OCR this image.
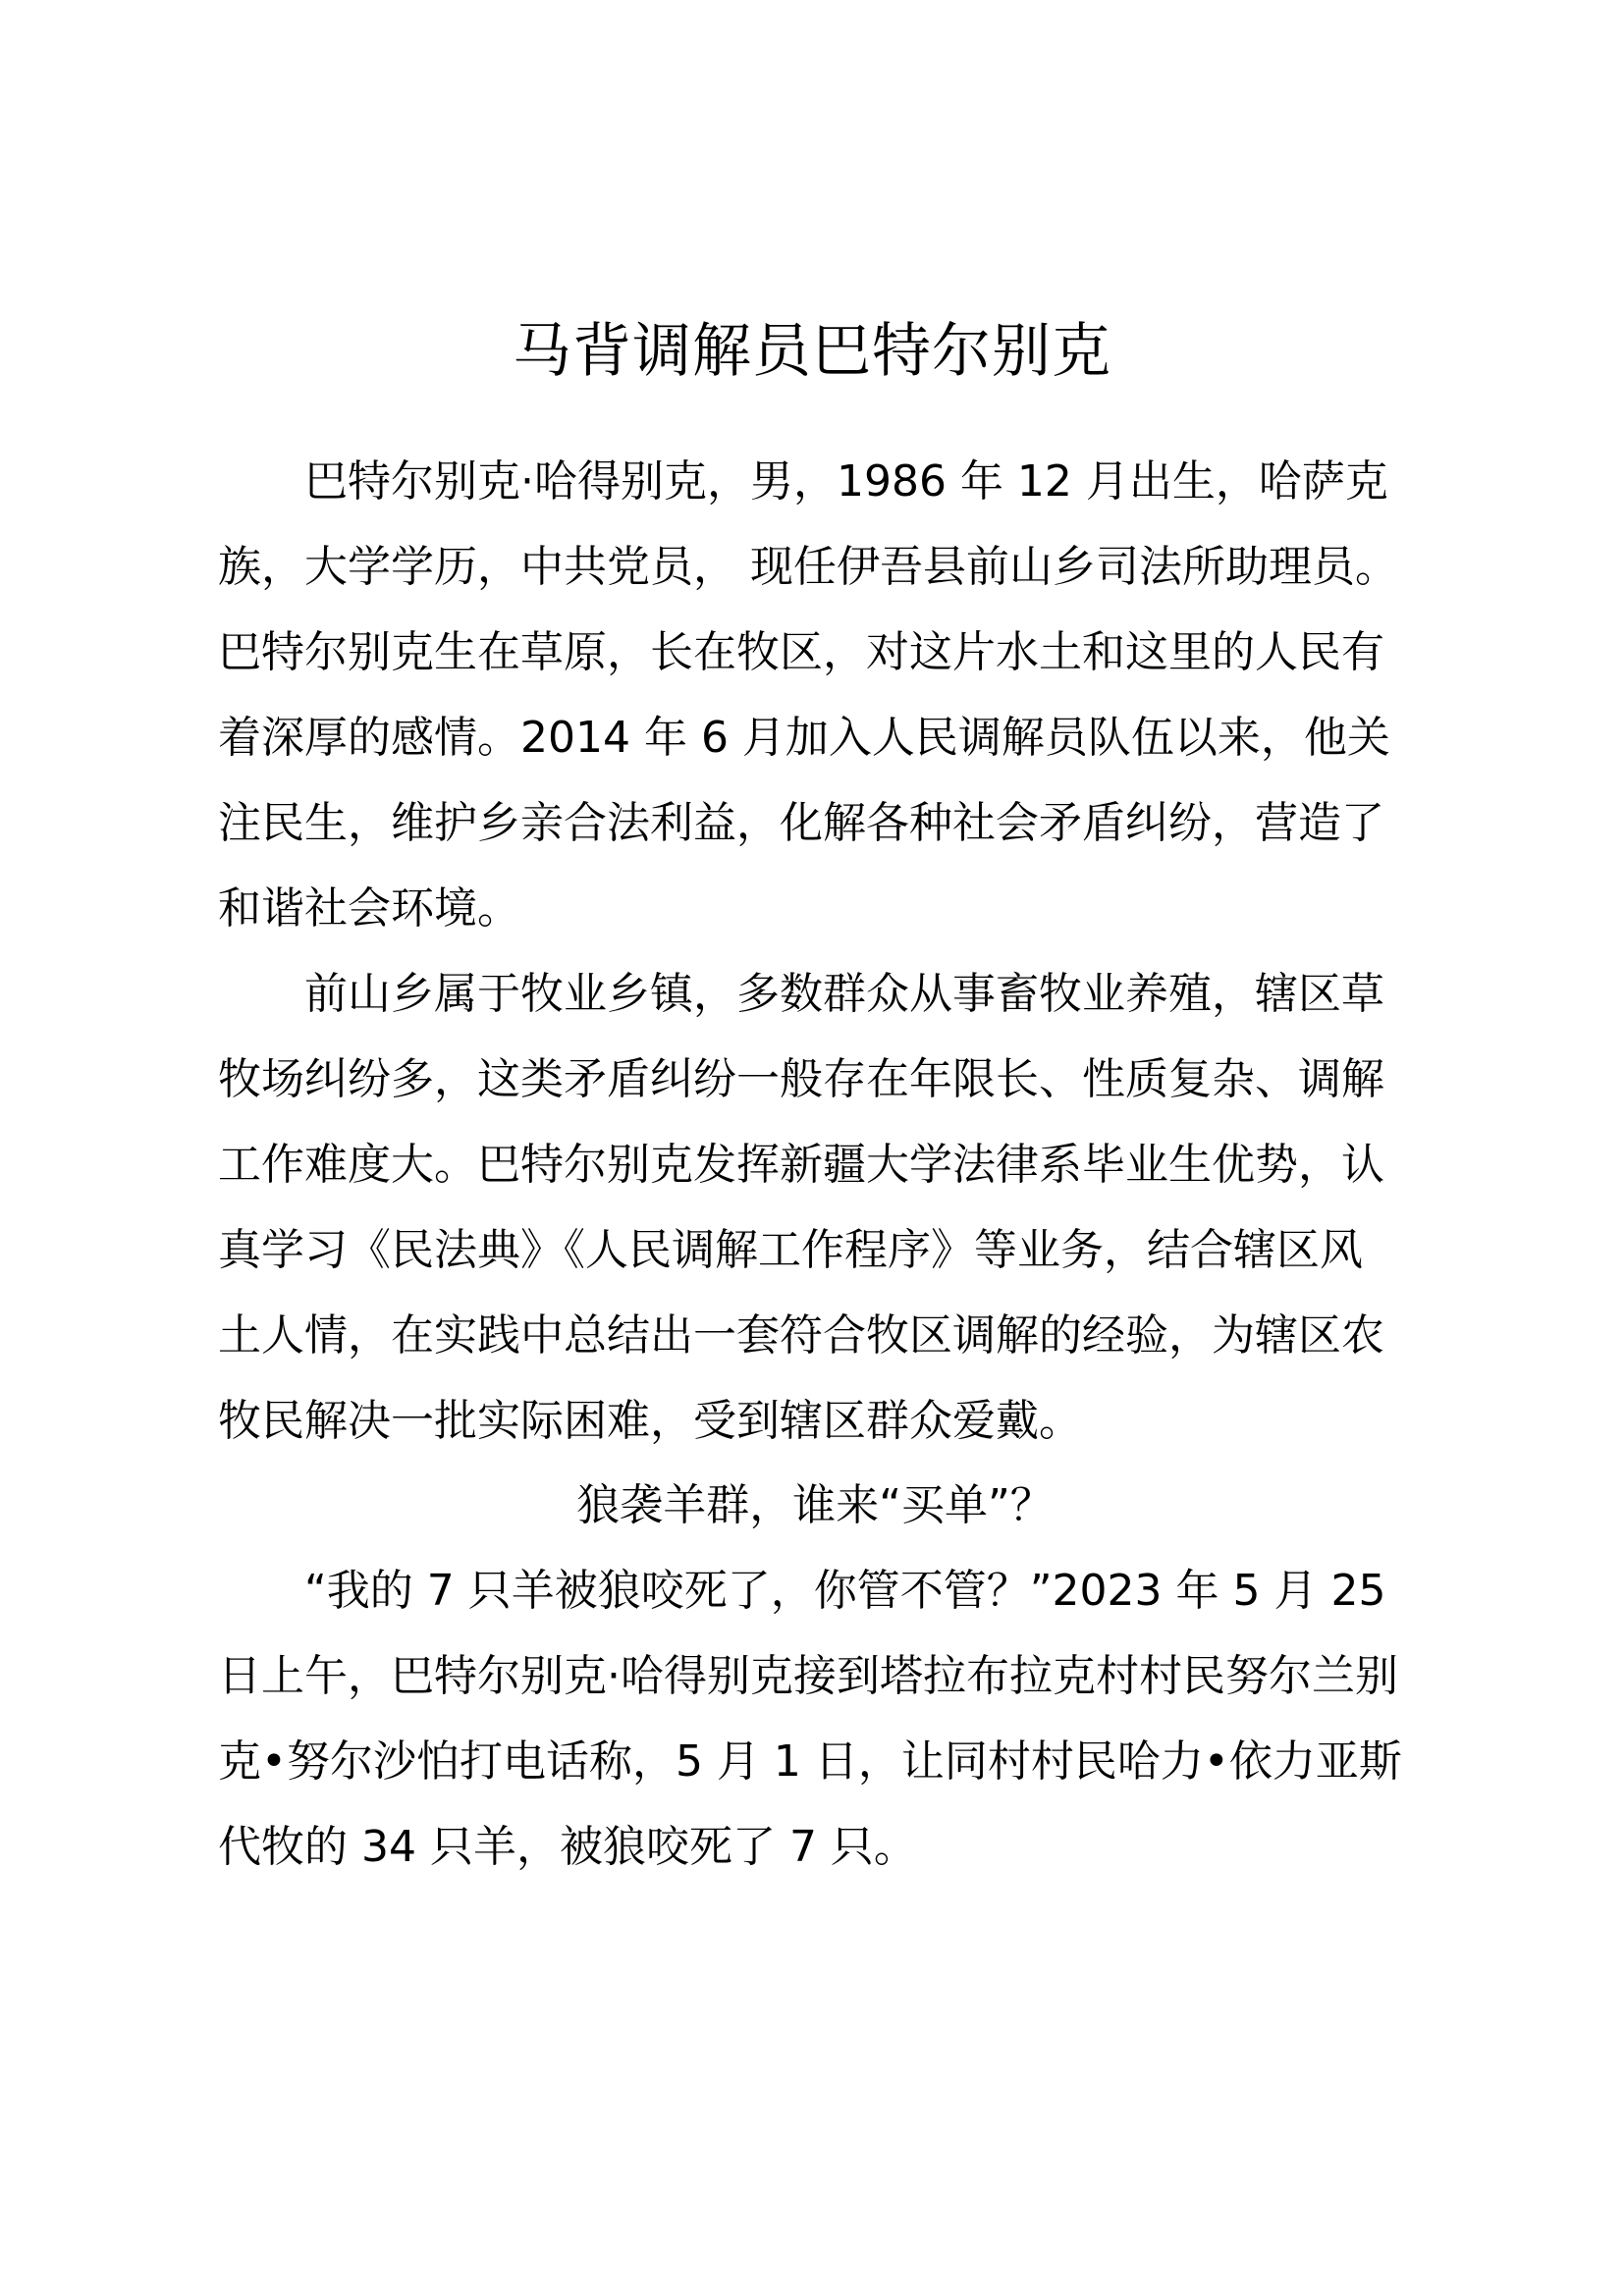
马背调解员巴特尔别克

巴特尔别克·哈得别克，男，1986 年 12 月出生，哈萨克
族，大学学历，中共党员， 现任伊吾县前山乡司法所助理员。
巴特尔别克生在草原，长在牧区，对这片水土和这里的人民有
着深厚的感情。2014 年 6 月加入人民调解员队伍以来，他关
注民生，维护乡亲合法利益，化解各种社会矛盾纠纷，营造了
和谐社会环境。

前山乡属于牧业乡镇，多数群众从事畜牧业养殖，辖区草
牧场纠纷多，这类矛盾纠纷一般存在年限长、性质复杂、调解
工作难度大。巴特尔别克发挥新疆大学法律系毕业生优势，认
真学习《民法典》《人民调解工作程序》等业务，结合辖区风
土人情，在实践中总结出一套符合牧区调解的经验，为辖区农
牧民解决一批实际困难，受到辖区群众爱戴。

狼袭羊群，谁来“买单”？

“我的 7 只羊被狼咬死了，你管不管？”2023 年 5 月 25
日上午，巴特尔别克·哈得别克接到塔拉布拉克村村民努尔兰别
克•努尔沙怕打电话称，5 月 1 日，让同村村民哈力•依力亚斯
代牧的 34 只羊，被狼咬死了 7 只。
